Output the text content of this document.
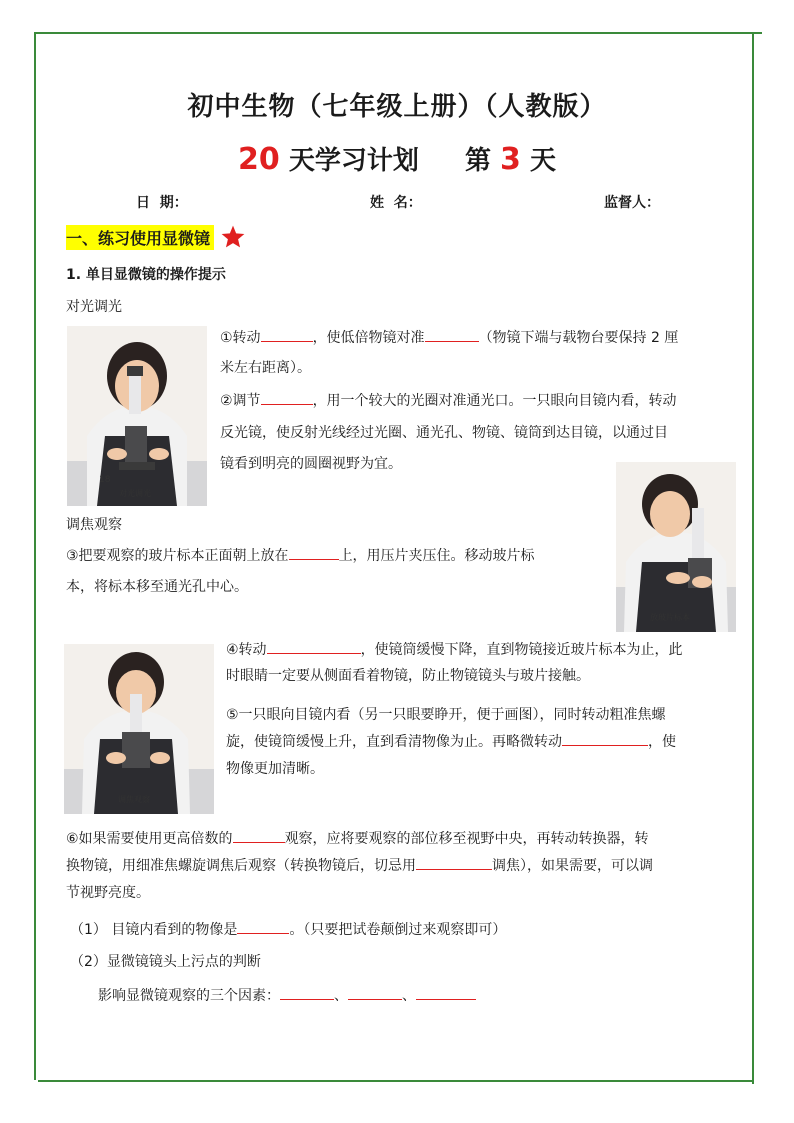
初中生物（七年级上册）（人教版）
20 天学习计划 第 3 天
日  期：	姓  名：	监督人：
一、练习使用显微镜
1. 单目显微镜的操作提示
对光调光
18
对光调光
①转动	，使低倍物镜对准	（物镜下端与载物台要保持 2 厘
米左右距离）。
②调节	，用一个较大的光圈对准通光口。一只眼向目镜内看，转动
反光镜，使反射光线经过光圈、通光孔、物镜、镜筒到达目镜，以通过目
镜看到明亮的圆圈视野为宜。
放玻片标本
调焦观察
③把要观察的玻片标本正面朝上放在	上，用压片夹压住。移动玻片标
本，将标本移至通光孔中心。
调焦观察
④转动	，使镜筒缓慢下降，直到物镜接近玻片标本为止，此
时眼睛一定要从侧面看着物镜，防止物镜镜头与玻片接触。
⑤一只眼向目镜内看（另一只眼要睁开，便于画图），同时转动粗准焦螺
旋，使镜筒缓慢上升，直到看清物像为止。再略微转动	，使
物像更加清晰。
⑥如果需要使用更高倍数的	观察，应将要观察的部位移至视野中央，再转动转换器，转
换物镜，用细准焦螺旋调焦后观察（转换物镜后，切忌用	调焦），如果需要，可以调
节视野亮度。
（1） 目镜内看到的物像是	。（只要把试卷颠倒过来观察即可）
（2）显微镜镜头上污点的判断
影响显微镜观察的三个因素：	、	、
